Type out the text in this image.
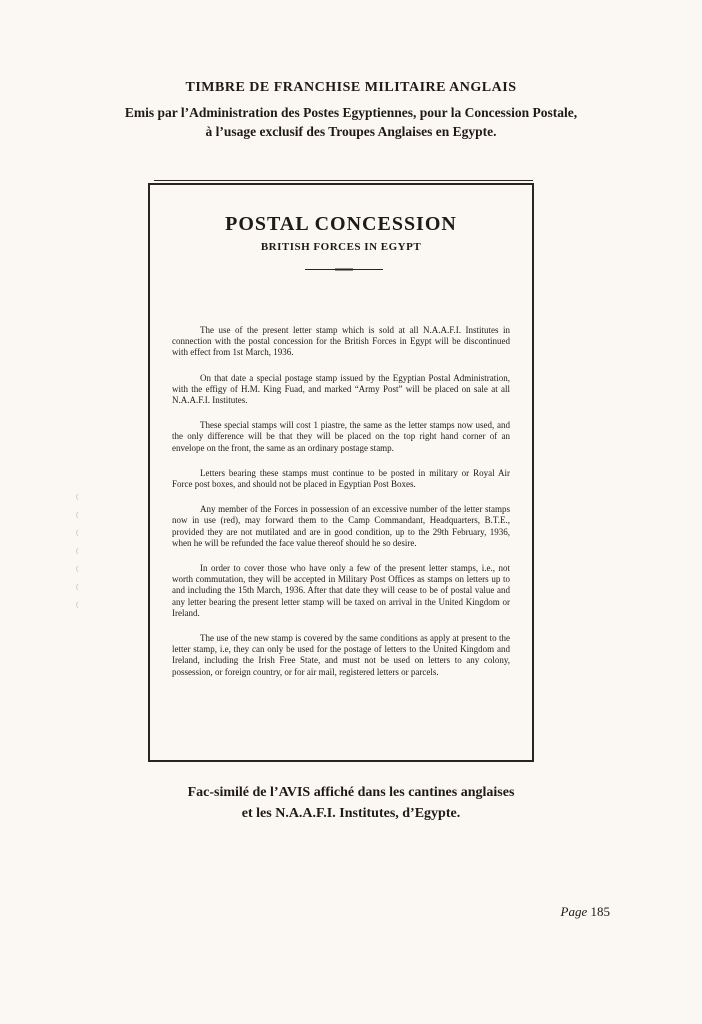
TIMBRE DE FRANCHISE MILITAIRE ANGLAIS
Emis par l’Administration des Postes Egyptiennes, pour la Concession Postale,
à l’usage exclusif des Troupes Anglaises en Egypte.
POSTAL CONCESSION
BRITISH FORCES IN EGYPT

The use of the present letter stamp which is sold at all N.A.A.F.I. Institutes in connection with the postal concession for the British Forces in Egypt will be discontinued with effect from 1st March, 1936.

On that date a special postage stamp issued by the Egyptian Postal Administration, with the effigy of H.M. King Fuad, and marked “Army Post” will be placed on sale at all N.A.A.F.I. Institutes.

These special stamps will cost 1 piastre, the same as the letter stamps now used, and the only difference will be that they will be placed on the top right hand corner of an envelope on the front, the same as an ordinary postage stamp.

Letters bearing these stamps must continue to be posted in military or Royal Air Force post boxes, and should not be placed in Egyptian Post Boxes.

Any member of the Forces in possession of an excessive number of the letter stamps now in use (red), may forward them to the Camp Commandant, Headquarters, B.T.E., provided they are not mutilated and are in good condition, up to the 29th February, 1936, when he will be refunded the face value thereof should he so desire.

In order to cover those who have only a few of the present letter stamps, i.e., not worth commutation, they will be accepted in Military Post Offices as stamps on letters up to and including the 15th March, 1936. After that date they will cease to be of postal value and any letter bearing the present letter stamp will be taxed on arrival in the United Kingdom or Ireland.

The use of the new stamp is covered by the same conditions as apply at present to the letter stamp, i.e, they can only be used for the postage of letters to the United Kingdom and Ireland, including the Irish Free State, and must not be used on letters to any colony, possession, or foreign country, or for air mail, registered letters or parcels.

Fac-similé de l’AVIS affiché dans les cantines anglaises
et les N.A.A.F.I. Institutes, d’Egypte.
Page 185
